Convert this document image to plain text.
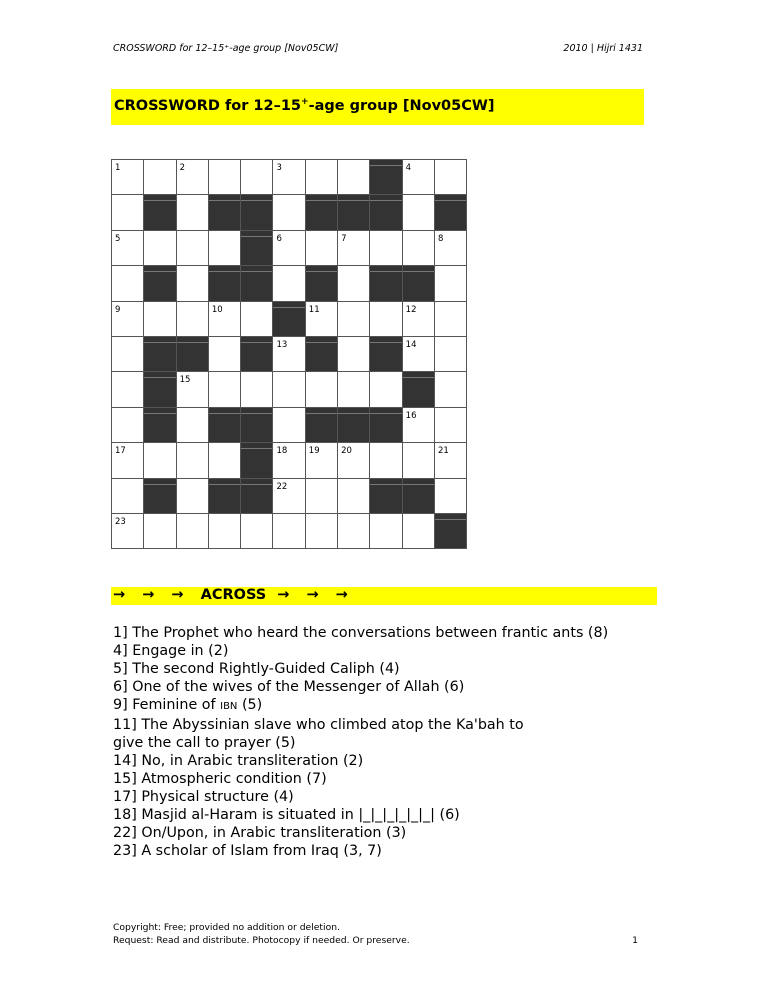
CROSSWORD for 12–15⁺-age group [Nov05CW]	2010 | Hijri 1431
CROSSWORD for 12–15+-age group [Nov05CW]
1		2			3				4	

5					6		7			8

9			10			11			12	

					13				14	

		15								

									16	

17					18	19	20			21

					22					

23										

→ → → ACROSS → → →
1] The Prophet who heard the conversations between frantic ants (8)
4] Engage in (2)
5] The second Rightly-Guided Caliph (4)
6] One of the wives of the Messenger of Allah (6)
9] Feminine of IBN (5)
11] The Abyssinian slave who climbed atop the Ka'bah to give the call to prayer (5)
14] No, in Arabic transliteration (2)
15] Atmospheric condition (7)
17] Physical structure (4)
18] Masjid al-Haram is situated in |_|_|_|_|_|_| (6)
22] On/Upon, in Arabic transliteration (3)
23] A scholar of Islam from Iraq (3, 7)
Copyright: Free; provided no addition or deletion.
Request: Read and distribute. Photocopy if needed. Or preserve.	1
